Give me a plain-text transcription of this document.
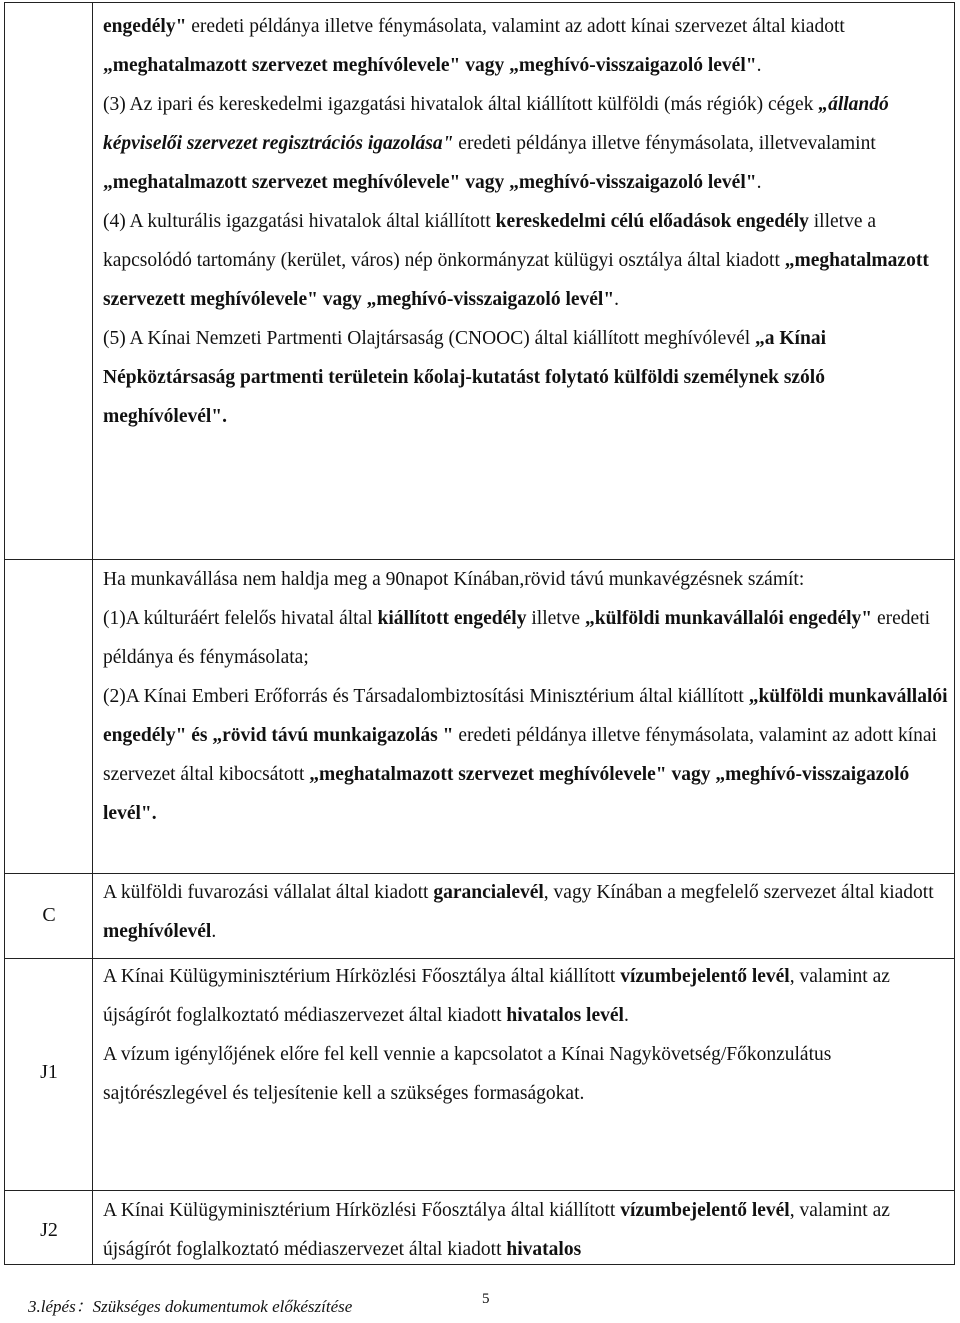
C
J1
J2

engedély" eredeti példánya illetve fénymásolata, valamint az adott kínai szervezet által kiadott „meghatalmazott szervezet meghívólevele" vagy „meghívó-visszaigazoló levél".

(3) Az ipari és kereskedelmi igazgatási hivatalok által kiállított külföldi (más régiók) cégek „állandó képviselői szervezet regisztrációs igazolása" eredeti példánya illetve fénymásolata, illetvevalamint „meghatalmazott szervezet meghívólevele" vagy „meghívó-visszaigazoló levél".

(4) A kulturális igazgatási hivatalok által kiállított kereskedelmi célú előadások engedély illetve a kapcsolódó tartomány (kerület, város) nép önkormányzat külügyi osztálya által kiadott „meghatalmazott szervezett meghívólevele" vagy „meghívó-visszaigazoló levél".

(5) A Kínai Nemzeti Partmenti Olajtársaság (CNOOC) által kiállított meghívólevél „a Kínai Népköztársaság partmenti területein kőolaj-kutatást folytató külföldi személynek szóló meghívólevél".

Ha munkavállása nem haldja meg a 90napot Kínában,rövid távú munkavégzésnek számít:

(1)A kúlturáért felelős hivatal által kiállított engedély illetve „külföldi munkavállalói engedély" eredeti példánya és fénymásolata;

(2)A Kínai Emberi Erőforrás és Társadalombiztosítási Minisztérium által kiállított „külföldi munkavállalói engedély" és „rövid távú munkaigazolás " eredeti példánya illetve fénymásolata, valamint az adott kínai szervezet által kibocsátott „meghatalmazott szervezet meghívólevele" vagy „meghívó-visszaigazoló levél".

A külföldi fuvarozási vállalat által kiadott garancialevél, vagy Kínában a megfelelő szervezet által kiadott meghívólevél.

A Kínai Külügyminisztérium Hírközlési Főosztálya által kiállított vízumbejelentő levél, valamint az újságírót foglalkoztató médiaszervezet által kiadott hivatalos levél.

A vízum igénylőjének előre fel kell vennie a kapcsolatot a Kínai Nagykövetség/Főkonzulátus sajtórészlegével és teljesítenie kell a szükséges formaságokat.

A Kínai Külügyminisztérium Hírközlési Főosztálya által kiállított vízumbejelentő levél, valamint az újságírót foglalkoztató médiaszervezet által kiadott hivatalos

3.lépés：Szükséges dokumentumok előkészítése	5
